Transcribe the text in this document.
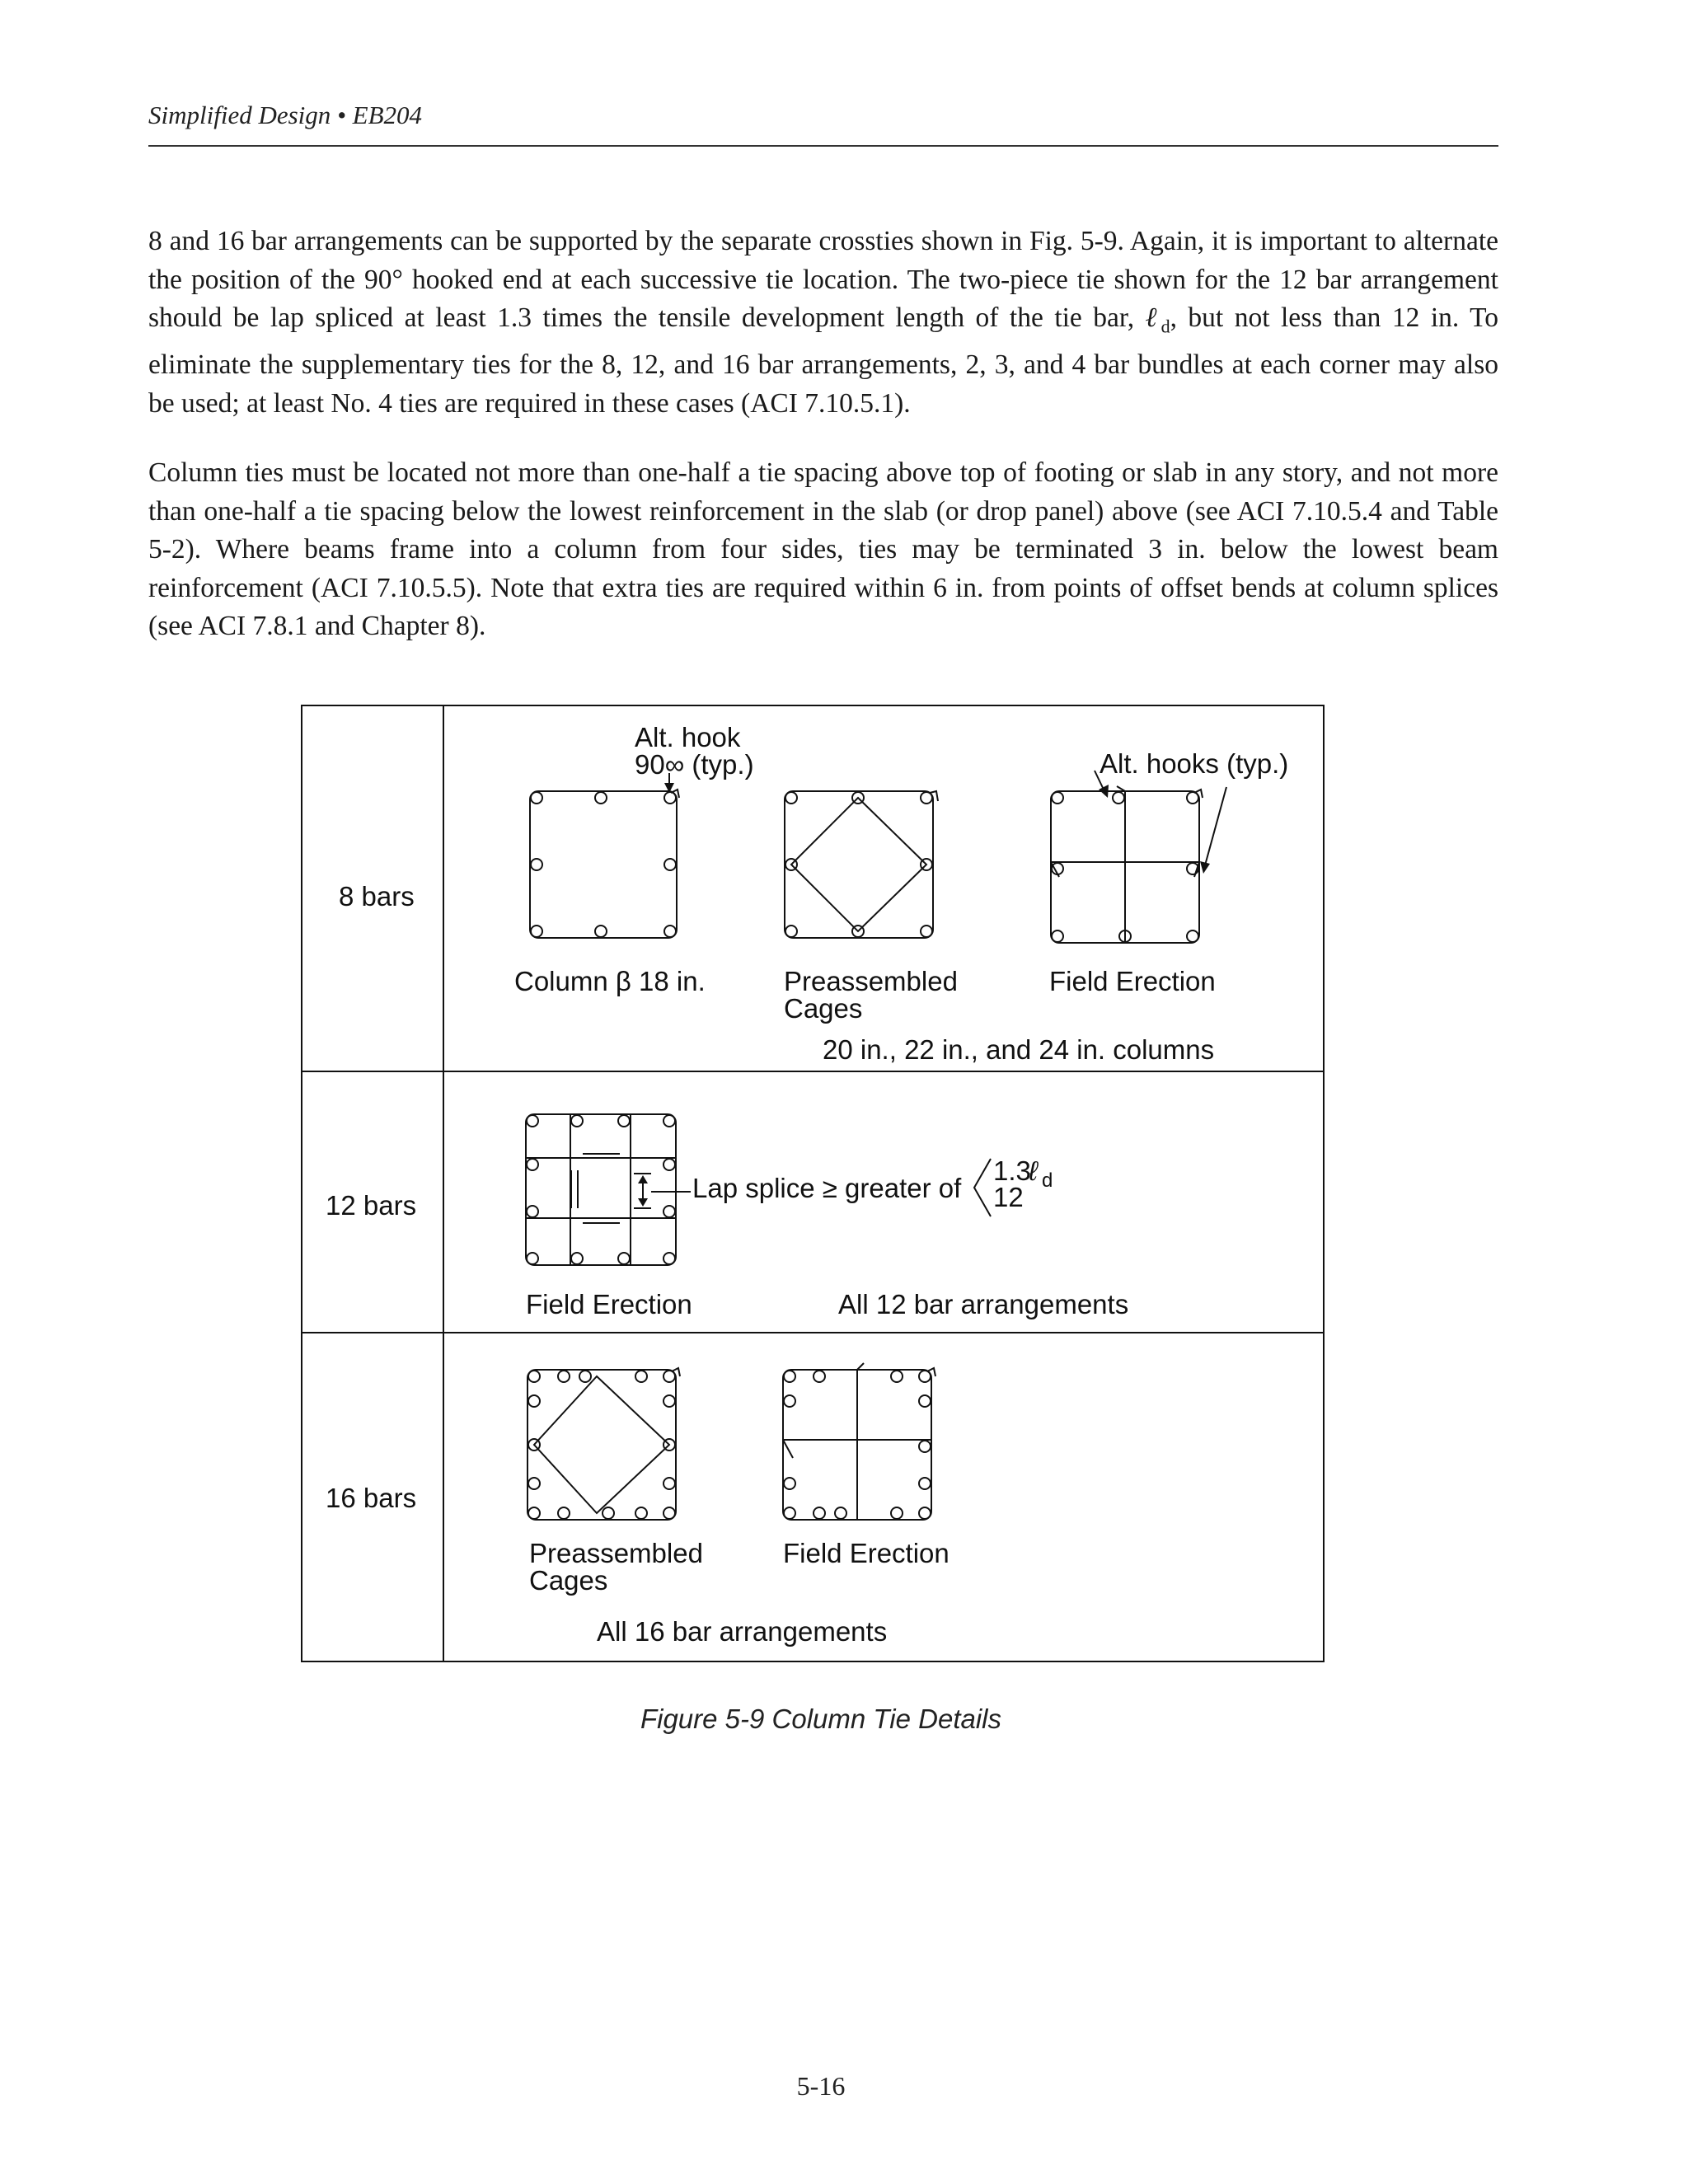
Simplified Design • EB204

8 and 16 bar arrangements can be supported by the separate crossties shown in Fig. 5-9. Again, it is important to alternate the position of the 90° hooked end at each successive tie location. The two-piece tie shown for the 12 bar arrangement should be lap spliced at least 1.3 times the tensile development length of the tie bar, ℓ$_d$, but not less than 12 in. To eliminate the supplementary ties for the 8, 12, and 16 bar arrangements, 2, 3, and 4 bar bundles at each corner may also be used; at least No. 4 ties are required in these cases (ACI 7.10.5.1).

Column ties must be located not more than one-half a tie spacing above top of footing or slab in any story, and not more than one-half a tie spacing below the lowest reinforcement in the slab (or drop panel) above (see ACI 7.10.5.4 and Table 5-2). Where beams frame into a column from four sides, ties may be terminated 3 in. below the lowest beam reinforcement (ACI 7.10.5.5). Note that extra ties are required within 6 in. from points of offset bends at column splices (see ACI 7.8.1 and Chapter 8).

8 bars
Alt. hook
90∞ (typ.)	Alt. hooks (typ.)
Column β 18 in.	Preassembled
Cages
Field Erection
20 in., 22 in., and 24 in. columns
12 bars
Lap splice ≥ greater of
1.3
ℓ d
12
Field Erection	All 12 bar arrangements
16 bars
Preassembled
Cages
Field Erection
All 16 bar arrangements
Figure 5-9 Column Tie Details
5-16
